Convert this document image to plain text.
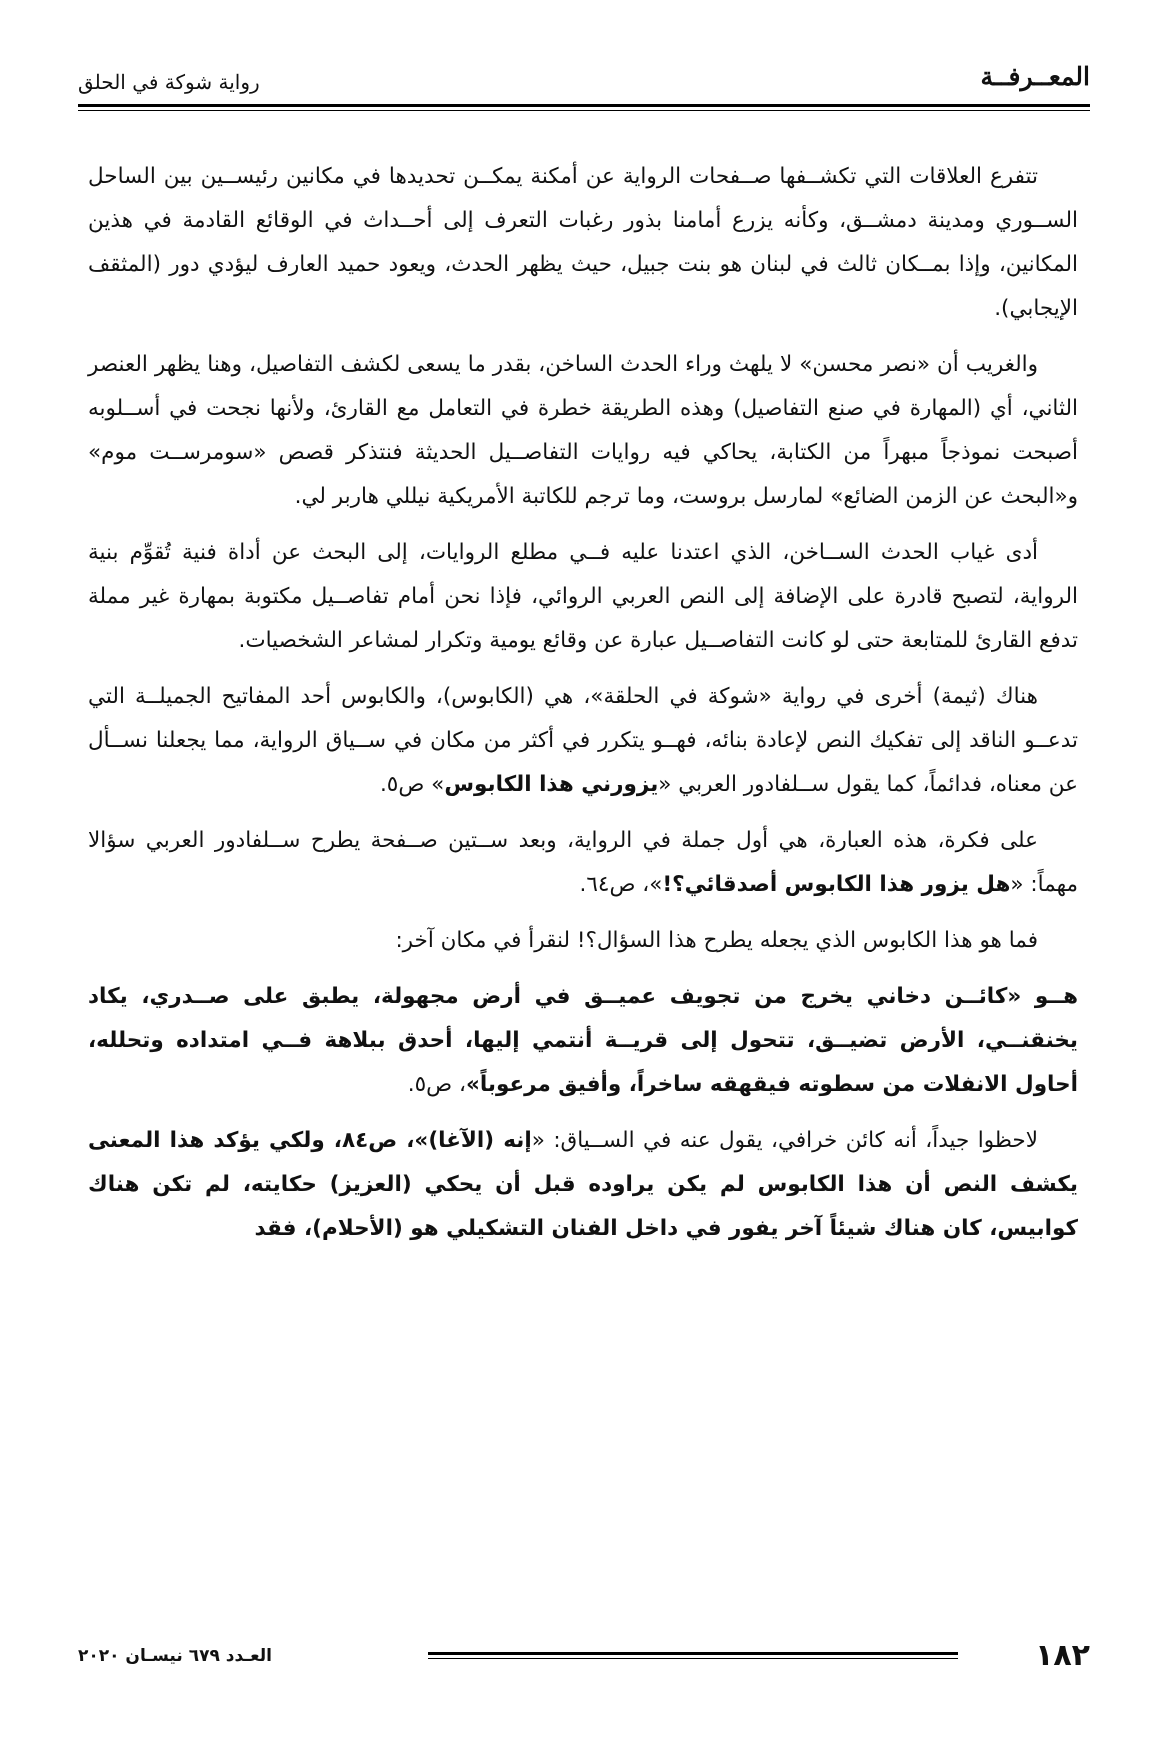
المعــرفــة
رواية شوكة في الحلق

تتفرع العلاقات التي تكشــفها صــفحات الرواية عن أمكنة يمكــن تحديدها في مكانين رئيســين بين الساحل الســوري ومدينة دمشــق، وكأنه يزرع أمامنا بذور رغبات التعرف إلى أحــداث في الوقائع القادمة في هذين المكانين، وإذا بمــكان ثالث في لبنان هو بنت جبيل، حيث يظهر الحدث، ويعود حميد العارف ليؤدي دور (المثقف الإيجابي).

والغريب أن «نصر محسن» لا يلهث وراء الحدث الساخن، بقدر ما يسعى لكشف التفاصيل، وهنا يظهر العنصر الثاني، أي (المهارة في صنع التفاصيل) وهذه الطريقة خطرة في التعامل مع القارئ، ولأنها نجحت في أســلوبه أصبحت نموذجاً مبهراً من الكتابة، يحاكي فيه روايات التفاصــيل الحديثة فنتذكر قصص «سومرســت موم» و«البحث عن الزمن الضائع» لمارسل بروست، وما ترجم للكاتبة الأمريكية نيللي هاربر لي.

أدى غياب الحدث الســاخن، الذي اعتدنا عليه فــي مطلع الروايات، إلى البحث عن أداة فنية تُقوِّم بنية الرواية، لتصبح قادرة على الإضافة إلى النص العربي الروائي، فإذا نحن أمام تفاصــيل مكتوبة بمهارة غير مملة تدفع القارئ للمتابعة حتى لو كانت التفاصــيل عبارة عن وقائع يومية وتكرار لمشاعر الشخصيات.

هناك (ثيمة) أخرى في رواية «شوكة في الحلقة»، هي (الكابوس)، والكابوس أحد المفاتيح الجميلــة التي تدعــو الناقد إلى تفكيك النص لإعادة بنائه، فهــو يتكرر في أكثر من مكان في ســياق الرواية، مما يجعلنا نســأل عن معناه، فدائماً، كما يقول ســلفادور العربي «يزورني هذا الكابوس» ص٥.

على فكرة، هذه العبارة، هي أول جملة في الرواية، وبعد ســتين صــفحة يطرح ســلفادور العربي سؤالا مهماً: «هل يزور هذا الكابوس أصدقائي؟!»، ص٦٤.

فما هو هذا الكابوس الذي يجعله يطرح هذا السؤال؟! لنقرأ في مكان آخر:

هــو «كائــن دخاني يخرج من تجويف عميــق في أرض مجهولة، يطبق على صــدري، يكاد يخنقنــي، الأرض تضيــق، تتحول إلى قريــة أنتمي إليها، أحدق ببلاهة فــي امتداده وتحلله، أحاول الانفلات من سطوته فيقهقه ساخراً، وأفيق مرعوباً»، ص٥.

لاحظوا جيداً، أنه كائن خرافي، يقول عنه في الســياق: «إنه (الآغا)»، ص٨٤، ولكي يؤكد هذا المعنى يكشف النص أن هذا الكابوس لم يكن يراوده قبل أن يحكي (العزيز) حكايته، لم تكن هناك كوابيس، كان هناك شيئاً آخر يفور في داخل الفنان التشكيلي هو (الأحلام)، فقد

١٨٢
العـدد ٦٧٩ نيسـان ٢٠٢٠
